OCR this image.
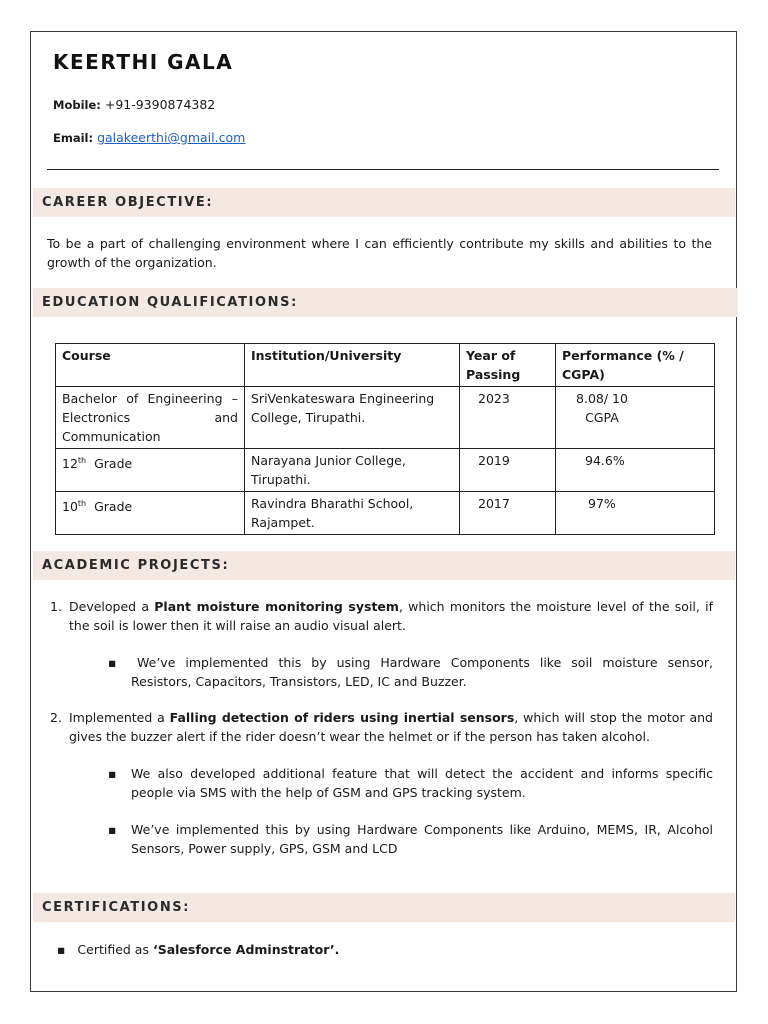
KEERTHI GALA
Mobile: +91-9390874382
Email: galakeerthi@gmail.com
CAREER OBJECTIVE:
To be a part of challenging environment where I can efficiently contribute my skills and abilities to the growth of the organization.
EDUCATION QUALIFICATIONS:
Course	Institution/University	Year of Passing	Performance (% / CGPA)
Bachelor of Engineering – Electronics and Communication	SriVenkateswara Engineering College, Tirupathi.	2023	8.08/ 10 CGPA

12th Grade	Narayana Junior College, Tirupathi.	2019	94.6%
10th Grade	Ravindra Bharathi School, Rajampet.	2017	97%
ACADEMIC PROJECTS:
1. Developed a Plant moisture monitoring system, which monitors the moisture level of the soil, if the soil is lower then it will raise an audio visual alert.
▪	We’ve implemented this by using Hardware Components like soil moisture sensor, Resistors, Capacitors, Transistors, LED, IC and Buzzer.
2. Implemented a Falling detection of riders using inertial sensors, which will stop the motor and gives the buzzer alert if the rider doesn’t wear the helmet or if the person has taken alcohol.
▪	We also developed additional feature that will detect the accident and informs specific people via SMS with the help of GSM and GPS tracking system.
▪	We’ve implemented this by using Hardware Components like Arduino, MEMS, IR, Alcohol Sensors, Power supply, GPS, GSM and LCD
CERTIFICATIONS:
▪ Certified as ‘Salesforce Adminstrator’.
